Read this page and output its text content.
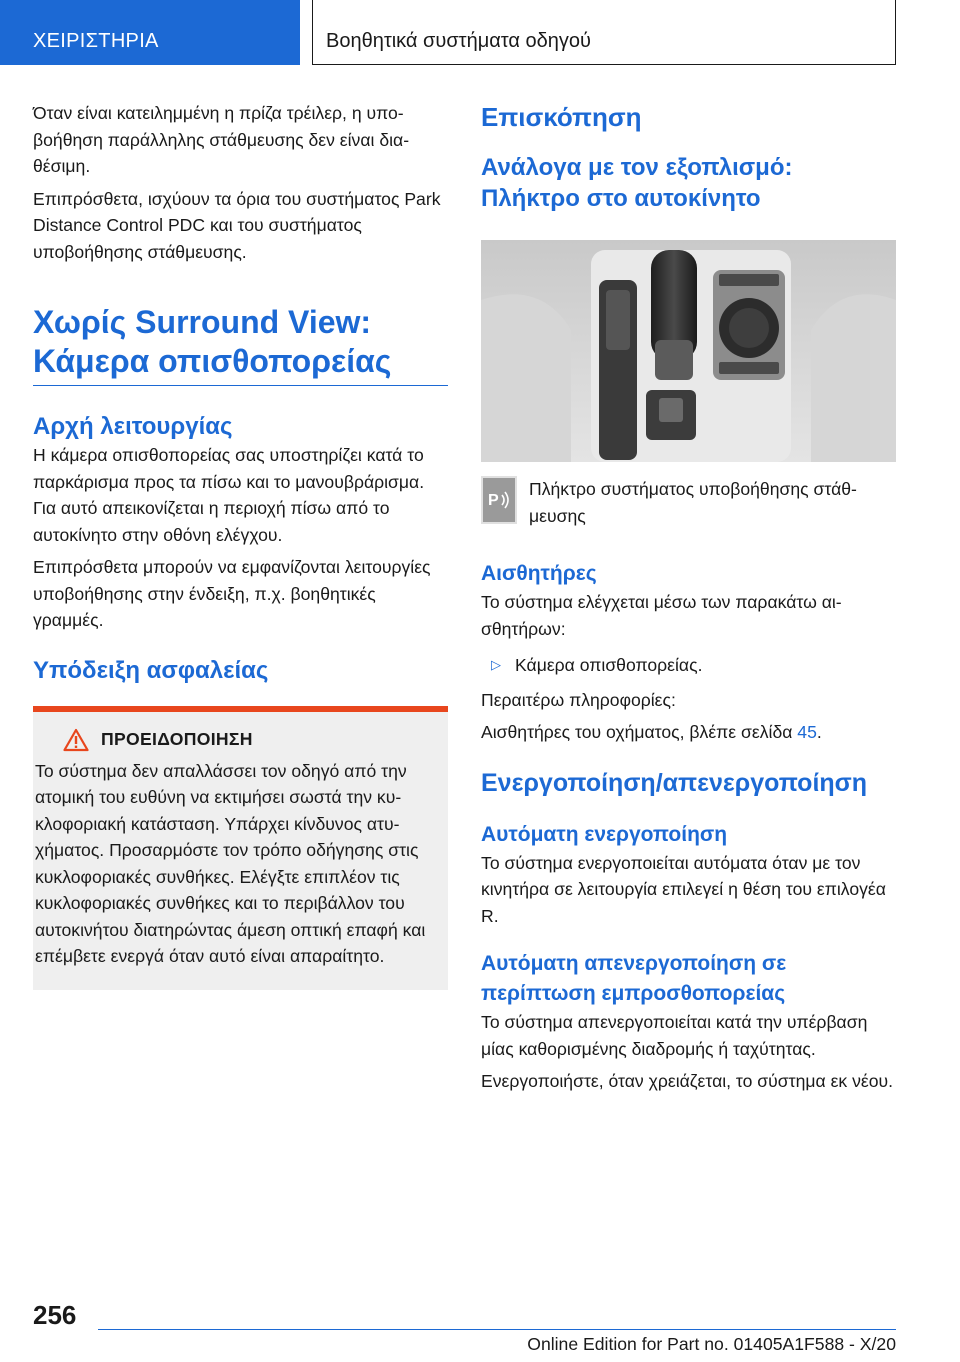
ΧΕΙΡΙΣΤΗΡΙΑ	Βοηθητικά συστήματα οδηγού

Όταν είναι κατειλημμένη η πρίζα τρέιλερ, η υποβοήθηση παράλληλης στάθμευσης δεν είναι διαθέσιμη.

Επιπρόσθετα, ισχύουν τα όρια του συστήματος Park Distance Control PDC και του συστήματος υποβοήθησης στάθμευσης.

Χωρίς Surround View: Κάμερα οπισθοπορείας
Αρχή λειτουργίας

Η κάμερα οπισθοπορείας σας υποστηρίζει κατά το παρκάρισμα προς τα πίσω και το μανουβράρισμα. Για αυτό απεικονίζεται η περιοχή πίσω από το αυτοκίνητο στην οθόνη ελέγχου.

Επιπρόσθετα μπορούν να εμφανίζονται λειτουργίες υποβοήθησης στην ένδειξη, π.χ. βοηθητικές γραμμές.

Υπόδειξη ασφαλείας
ΠΡΟΕΙΔΟΠΟΙΗΣΗ

Το σύστημα δεν απαλλάσσει τον οδηγό από την ατομική του ευθύνη να εκτιμήσει σωστά την κυκλοφοριακή κατάσταση. Υπάρχει κίνδυνος ατυχήματος. Προσαρμόστε τον τρόπο οδήγησης στις κυκλοφοριακές συνθήκες. Ελέγξτε επιπλέον τις κυκλοφοριακές συνθήκες και το περιβάλλον του αυτοκινήτου διατηρώντας άμεση οπτική επαφή και επέμβετε ενεργά όταν αυτό είναι απαραίτητο.

Επισκόπηση
Ανάλογα με τον εξοπλισμό: Πλήκτρο στο αυτοκίνητο
P

Πλήκτρο συστήματος υποβοήθησης στάθμευσης

Αισθητήρες

Το σύστημα ελέγχεται μέσω των παρακάτω αισθητήρων:

▷ Κάμερα οπισθοπορείας.

Περαιτέρω πληροφορίες:

Αισθητήρες του οχήματος, βλέπε σελίδα 45.

Ενεργοποίηση/απενεργοποίηση
Αυτόματη ενεργοποίηση

Το σύστημα ενεργοποιείται αυτόματα όταν με τον κινητήρα σε λειτουργία επιλεγεί η θέση του επιλογέα R.

Αυτόματη απενεργοποίηση σε περίπτωση εμπροσθοπορείας

Το σύστημα απενεργοποιείται κατά την υπέρβαση μίας καθορισμένης διαδρομής ή ταχύτητας.

Ενεργοποιήστε, όταν χρειάζεται, το σύστημα εκ νέου.

256
Online Edition for Part no. 01405A1F588 - X/20
